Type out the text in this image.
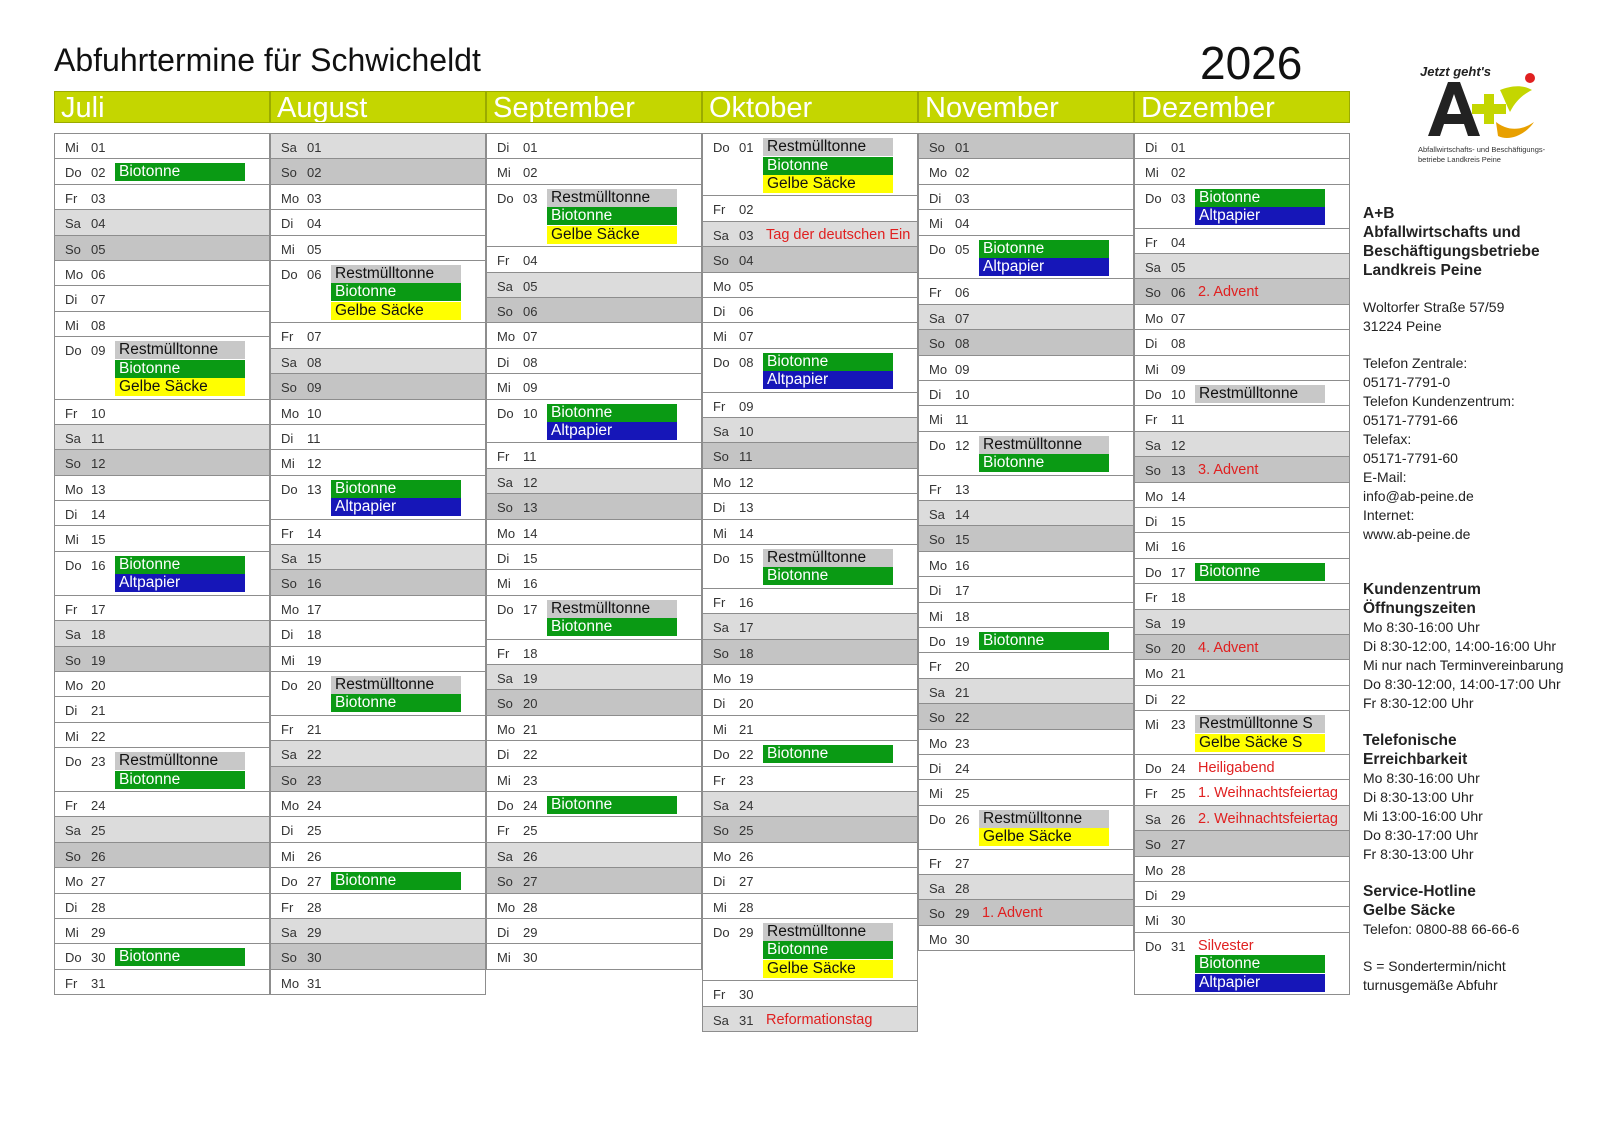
Abfuhrtermine für Schwicheldt	2026	Jetzt geht's
Abfallwirtschafts- und Beschäftigungs-
betriebe Landkreis Peine
Juli
Mi 01
Do 02 Biotonne
Fr 03
Sa 04
So 05
Mo 06
Di 07
Mi 08
Do 09 Restmülltonne
Biotonne
Gelbe Säcke
Fr 10
Sa 11
So 12
Mo 13
Di 14
Mi 15
Do 16 Biotonne
Altpapier
Fr 17
Sa 18
So 19
Mo 20
Di 21
Mi 22
Do 23 Restmülltonne
Biotonne
Fr 24
Sa 25
So 26
Mo 27
Di 28
Mi 29
Do 30 Biotonne
Fr 31
August
Sa 01
So 02
Mo 03
Di 04
Mi 05
Do 06 Restmülltonne
Biotonne
Gelbe Säcke
Fr 07
Sa 08
So 09
Mo 10
Di 11
Mi 12
Do 13 Biotonne
Altpapier
Fr 14
Sa 15
So 16
Mo 17
Di 18
Mi 19
Do 20 Restmülltonne
Biotonne
Fr 21
Sa 22
So 23
Mo 24
Di 25
Mi 26
Do 27 Biotonne
Fr 28
Sa 29
So 30
Mo 31
September
Di 01
Mi 02
Do 03 Restmülltonne
Biotonne
Gelbe Säcke
Fr 04
Sa 05
So 06
Mo 07
Di 08
Mi 09
Do 10 Biotonne
Altpapier
Fr 11
Sa 12
So 13
Mo 14
Di 15
Mi 16
Do 17 Restmülltonne
Biotonne
Fr 18
Sa 19
So 20
Mo 21
Di 22
Mi 23
Do 24 Biotonne
Fr 25
Sa 26
So 27
Mo 28
Di 29
Mi 30
Oktober
Do 01 Restmülltonne
Biotonne
Gelbe Säcke
Fr 02
Sa 03 Tag der deutschen Ein
So 04
Mo 05
Di 06
Mi 07
Do 08 Biotonne
Altpapier
Fr 09
Sa 10
So 11
Mo 12
Di 13
Mi 14
Do 15 Restmülltonne
Biotonne
Fr 16
Sa 17
So 18
Mo 19
Di 20
Mi 21
Do 22 Biotonne
Fr 23
Sa 24
So 25
Mo 26
Di 27
Mi 28
Do 29 Restmülltonne
Biotonne
Gelbe Säcke
Fr 30
Sa 31 Reformationstag
November
So 01
Mo 02
Di 03
Mi 04
Do 05 Biotonne
Altpapier
Fr 06
Sa 07
So 08
Mo 09
Di 10
Mi 11
Do 12 Restmülltonne
Biotonne
Fr 13
Sa 14
So 15
Mo 16
Di 17
Mi 18
Do 19 Biotonne
Fr 20
Sa 21
So 22
Mo 23
Di 24
Mi 25
Do 26 Restmülltonne
Gelbe Säcke
Fr 27
Sa 28
So 29 1. Advent
Mo 30
Dezember
Di 01
Mi 02
Do 03 Biotonne
Altpapier
Fr 04
Sa 05
So 06 2. Advent
Mo 07
Di 08
Mi 09
Do 10 Restmülltonne
Fr 11
Sa 12
So 13 3. Advent
Mo 14
Di 15
Mi 16
Do 17 Biotonne
Fr 18
Sa 19
So 20 4. Advent
Mo 21
Di 22
Mi 23 Restmülltonne S
Gelbe Säcke S
Do 24 Heiligabend
Fr 25 1. Weihnachtsfeiertag
Sa 26 2. Weihnachtsfeiertag
So 27
Mo 28
Di 29
Mi 30
Do 31 Silvester
Biotonne
Altpapier
A+B
Abfallwirtschafts und
Beschäftigungsbetriebe
Landkreis Peine
Woltorfer Straße 57/59
31224 Peine
Telefon Zentrale:
05171-7791-0
Telefon Kundenzentrum:
05171-7791-66
Telefax:
05171-7791-60
E-Mail:
info@ab-peine.de
Internet:
www.ab-peine.de
Kundenzentrum
Öffnungszeiten
Mo 8:30-16:00 Uhr
Di 8:30-12:00, 14:00-16:00 Uhr
Mi nur nach Terminvereinbarung
Do 8:30-12:00, 14:00-17:00 Uhr
Fr 8:30-12:00 Uhr
Telefonische
Erreichbarkeit
Mo 8:30-16:00 Uhr
Di 8:30-13:00 Uhr
Mi 13:00-16:00 Uhr
Do 8:30-17:00 Uhr
Fr 8:30-13:00 Uhr
Service-Hotline
Gelbe Säcke
Telefon: 0800-88 66-66-6
S = Sondertermin/nicht
turnusgemäße Abfuhr
